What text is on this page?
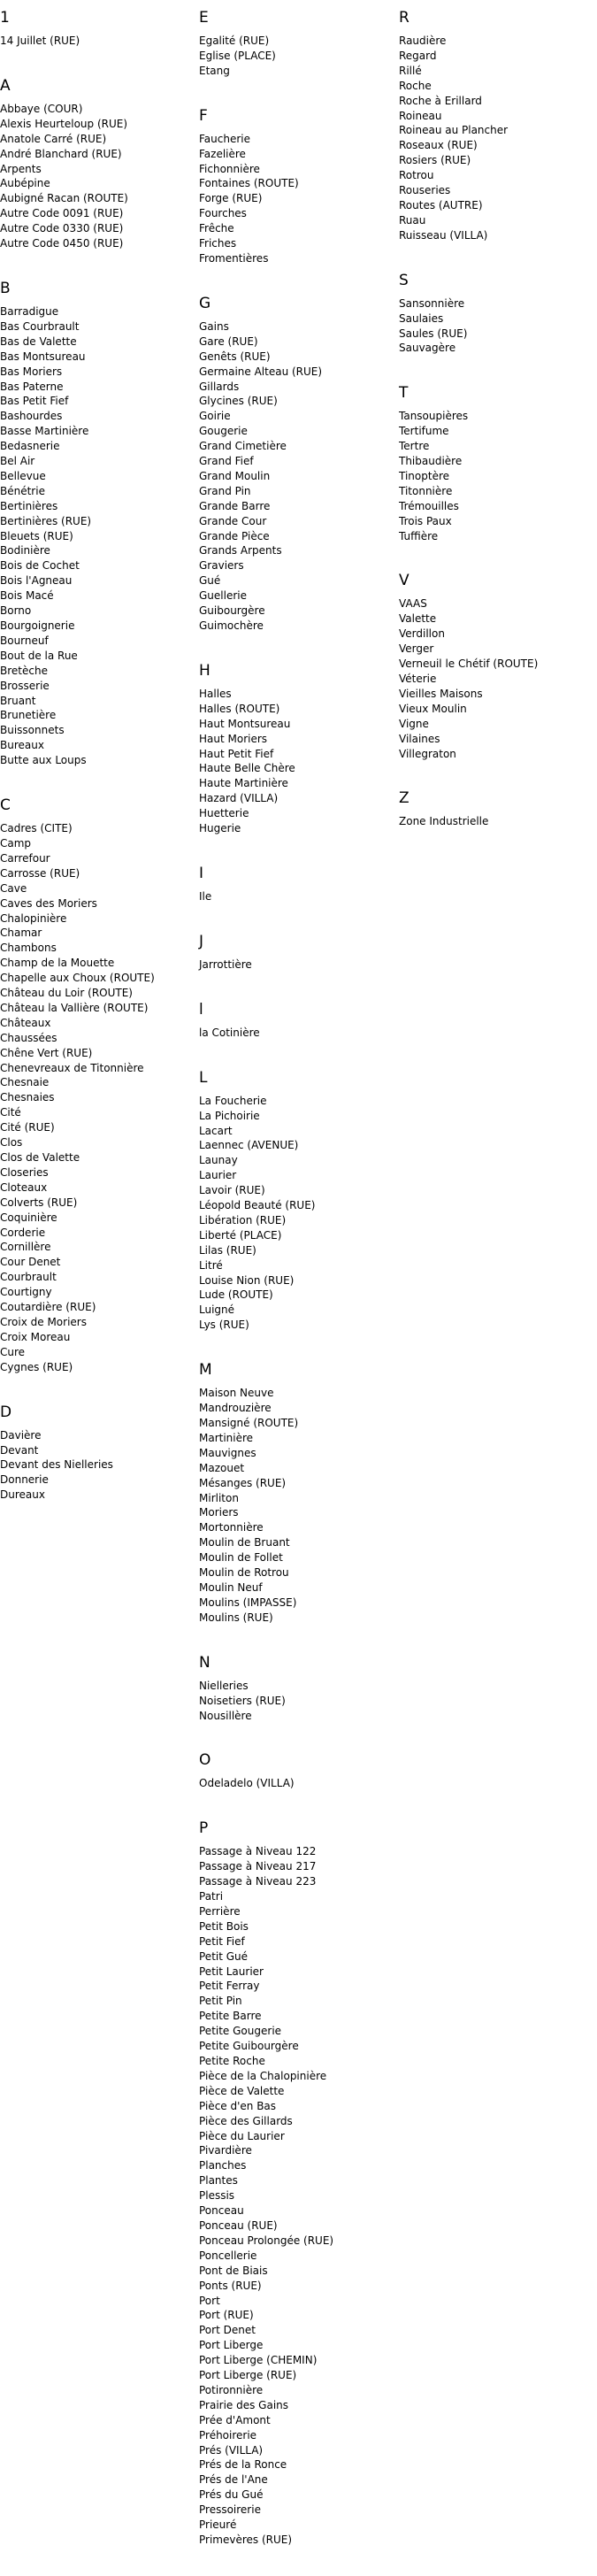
1
14 Juillet (RUE)
A
Abbaye (COUR)
Alexis Heurteloup (RUE)
Anatole Carré (RUE)
André Blanchard (RUE)
Arpents
Aubépine
Aubigné Racan (ROUTE)
Autre Code 0091 (RUE)
Autre Code 0330 (RUE)
Autre Code 0450 (RUE)
B
Barradigue
Bas Courbrault
Bas de Valette
Bas Montsureau
Bas Moriers
Bas Paterne
Bas Petit Fief
Bashourdes
Basse Martinière
Bedasnerie
Bel Air
Bellevue
Bénétrie
Bertinières
Bertinières (RUE)
Bleuets (RUE)
Bodinière
Bois de Cochet
Bois l'Agneau
Bois Macé
Borno
Bourgoignerie
Bourneuf
Bout de la Rue
Bretèche
Brosserie
Bruant
Brunetière
Buissonnets
Bureaux
Butte aux Loups
C
Cadres (CITE)
Camp
Carrefour
Carrosse (RUE)
Cave
Caves des Moriers
Chalopinière
Chamar
Chambons
Champ de la Mouette
Chapelle aux Choux (ROUTE)
Château du Loir (ROUTE)
Château la Vallière (ROUTE)
Châteaux
Chaussées
Chêne Vert (RUE)
Chenevreaux de Titonnière
Chesnaie
Chesnaies
Cité
Cité (RUE)
Clos
Clos de Valette
Closeries
Cloteaux
Colverts (RUE)
Coquinière
Corderie
Cornillère
Cour Denet
Courbrault
Courtigny
Coutardière (RUE)
Croix de Moriers
Croix Moreau
Cure
Cygnes (RUE)
D
Davière
Devant
Devant des Nielleries
Donnerie
Dureaux
E
Egalité (RUE)
Eglise (PLACE)
Etang
F
Faucherie
Fazelière
Fichonnière
Fontaines (ROUTE)
Forge (RUE)
Fourches
Frêche
Friches
Fromentières
G
Gains
Gare (RUE)
Genêts (RUE)
Germaine Alteau (RUE)
Gillards
Glycines (RUE)
Goirie
Gougerie
Grand Cimetière
Grand Fief
Grand Moulin
Grand Pin
Grande Barre
Grande Cour
Grande Pièce
Grands Arpents
Graviers
Gué
Guellerie
Guibourgère
Guimochère
H
Halles
Halles (ROUTE)
Haut Montsureau
Haut Moriers
Haut Petit Fief
Haute Belle Chère
Haute Martinière
Hazard (VILLA)
Huetterie
Hugerie
I
Ile
J
Jarrottière
l
la Cotinière
L
La Foucherie
La Pichoirie
Lacart
Laennec (AVENUE)
Launay
Laurier
Lavoir (RUE)
Léopold Beauté (RUE)
Libération (RUE)
Liberté (PLACE)
Lilas (RUE)
Litré
Louise Nion (RUE)
Lude (ROUTE)
Luigné
Lys (RUE)
M
Maison Neuve
Mandrouzière
Mansigné (ROUTE)
Martinière
Mauvignes
Mazouet
Mésanges (RUE)
Mirliton
Moriers
Mortonnière
Moulin de Bruant
Moulin de Follet
Moulin de Rotrou
Moulin Neuf
Moulins (IMPASSE)
Moulins (RUE)
N
Nielleries
Noisetiers (RUE)
Nousillère
O
Odeladelo (VILLA)
P
Passage à Niveau 122
Passage à Niveau 217
Passage à Niveau 223
Patri
Perrière
Petit Bois
Petit Fief
Petit Gué
Petit Laurier
Petit Ferray
Petit Pin
Petite Barre
Petite Gougerie
Petite Guibourgère
Petite Roche
Pièce de la Chalopinière
Pièce de Valette
Pièce d'en Bas
Pièce des Gillards
Pièce du Laurier
Pivardière
Planches
Plantes
Plessis
Ponceau
Ponceau (RUE)
Ponceau Prolongée (RUE)
Poncellerie
Pont de Biais
Ponts (RUE)
Port
Port (RUE)
Port Denet
Port Liberge
Port Liberge (CHEMIN)
Port Liberge (RUE)
Potironnière
Prairie des Gains
Prée d'Amont
Préhoirerie
Prés (VILLA)
Prés de la Ronce
Prés de l'Ane
Prés du Gué
Pressoirerie
Prieuré
Primevères (RUE)
R
Raudière
Regard
Rillé
Roche
Roche à Erillard
Roineau
Roineau au Plancher
Roseaux (RUE)
Rosiers (RUE)
Rotrou
Rouseries
Routes (AUTRE)
Ruau
Ruisseau (VILLA)
S
Sansonnière
Saulaies
Saules (RUE)
Sauvagère
T
Tansoupières
Tertifume
Tertre
Thibaudière
Tinoptère
Titonnière
Trémouilles
Trois Paux
Tuffière
V
VAAS
Valette
Verdillon
Verger
Verneuil le Chétif (ROUTE)
Véterie
Vieilles Maisons
Vieux Moulin
Vigne
Vilaines
Villegraton
Z
Zone Industrielle
